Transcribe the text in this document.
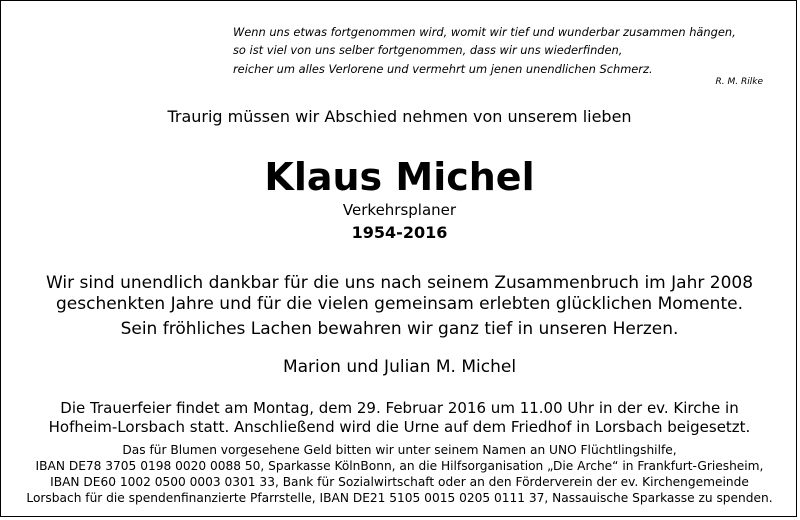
Wenn uns etwas fortgenommen wird, womit wir tief und wunderbar zusammen hängen,
so ist viel von uns selber fortgenommen, dass wir uns wiederfinden,
reicher um alles Verlorene und vermehrt um jenen unendlichen Schmerz.
R. M. Rilke
Traurig müssen wir Abschied nehmen von unserem lieben
Klaus Michel
Verkehrsplaner
1954-2016
Wir sind unendlich dankbar für die uns nach seinem Zusammenbruch im Jahr 2008
geschenkten Jahre und für die vielen gemeinsam erlebten glücklichen Momente.
Sein fröhliches Lachen bewahren wir ganz tief in unseren Herzen.
Marion und Julian M. Michel
Die Trauerfeier findet am Montag, dem 29. Februar 2016 um 11.00 Uhr in der ev. Kirche in
Hofheim-Lorsbach statt. Anschließend wird die Urne auf dem Friedhof in Lorsbach beigesetzt.
Das für Blumen vorgesehene Geld bitten wir unter seinem Namen an UNO Flüchtlingshilfe,
IBAN DE78 3705 0198 0020 0088 50, Sparkasse KölnBonn, an die Hilfsorganisation „Die Arche“ in Frankfurt-Griesheim,
IBAN DE60 1002 0500 0003 0301 33, Bank für Sozialwirtschaft oder an den Förderverein der ev. Kirchengemeinde
Lorsbach für die spendenfinanzierte Pfarrstelle, IBAN DE21 5105 0015 0205 0111 37, Nassauische Sparkasse zu spenden.
